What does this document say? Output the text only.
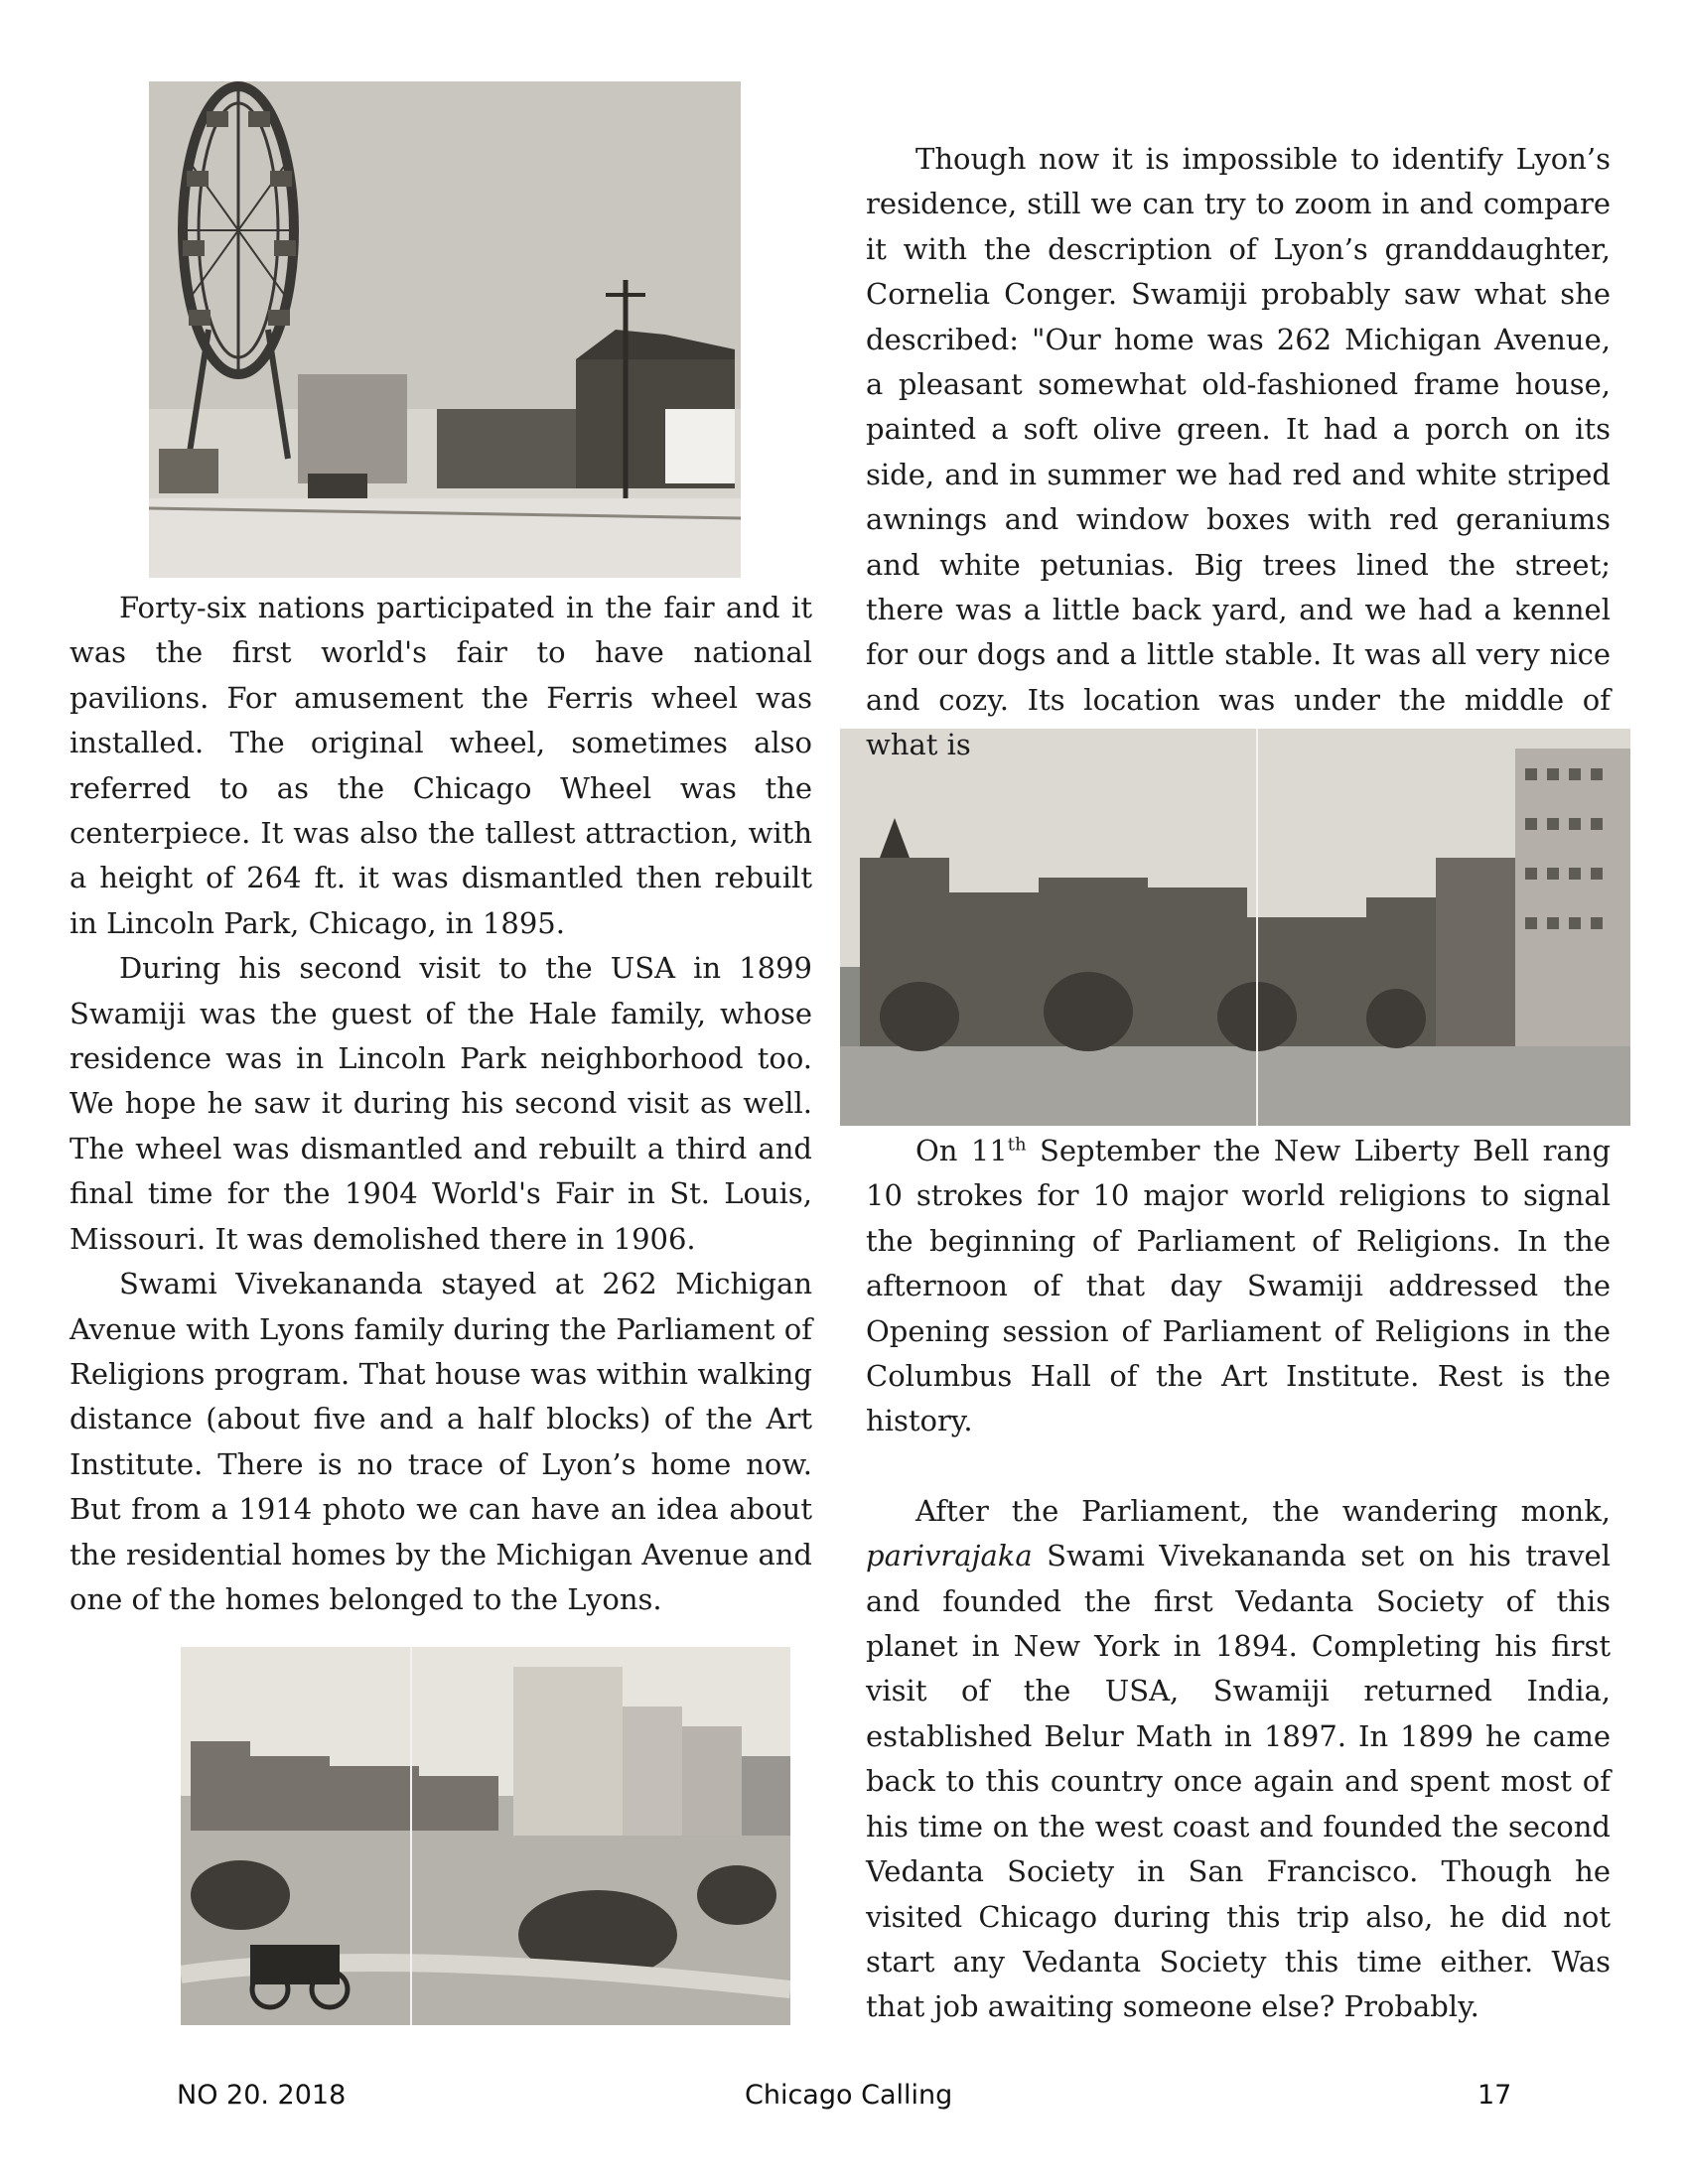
Forty-six nations participated in the fair and it was the first world's fair to have national pavilions. For amusement the Ferris wheel was installed. The original wheel, sometimes also referred to as the Chicago Wheel was the centerpiece. It was also the tallest attraction, with a height of 264 ft. it was dismantled then rebuilt in Lincoln Park, Chicago, in 1895.

During his second visit to the USA in 1899 Swamiji was the guest of the Hale family, whose residence was in Lincoln Park neighborhood too. We hope he saw it during his second visit as well. The wheel was dismantled and rebuilt a third and final time for the 1904 World's Fair in St. Louis, Missouri. It was demolished there in 1906.

Swami Vivekananda stayed at 262 Michigan Avenue with Lyons family during the Parliament of Religions program. That house was within walking distance (about five and a half blocks) of the Art Institute. There is no trace of Lyon’s home now. But from a 1914 photo we can have an idea about the residential homes by the Michigan Avenue and one of the homes belonged to the Lyons.

Though now it is impossible to identify Lyon’s residence, still we can try to zoom in and compare it with the description of Lyon’s granddaughter, Cornelia Conger. Swamiji probably saw what she described: "Our home was 262 Michigan Avenue, a pleasant somewhat old-fashioned frame house, painted a soft olive green. It had a porch on its side, and in summer we had red and white striped awnings and window boxes with red geraniums and white petunias. Big trees lined the street; there was a little back yard, and we had a kennel for our dogs and a little stable. It was all very nice and cozy. Its location was under the middle of what is

On 11th September the New Liberty Bell rang 10 strokes for 10 major world religions to signal the beginning of Parliament of Religions. In the afternoon of that day Swamiji addressed the Opening session of Parliament of Religions in the Columbus Hall of the Art Institute. Rest is the history.

After the Parliament, the wandering monk, parivrajaka Swami Vivekananda set on his travel and founded the first Vedanta Society of this planet in New York in 1894. Completing his first visit of the USA, Swamiji returned India, established Belur Math in 1897. In 1899 he came back to this country once again and spent most of his time on the west coast and founded the second Vedanta Society in San Francisco. Though he visited Chicago during this trip also, he did not start any Vedanta Society this time either. Was that job awaiting someone else? Probably.

NO 20. 2018	Chicago Calling	17
